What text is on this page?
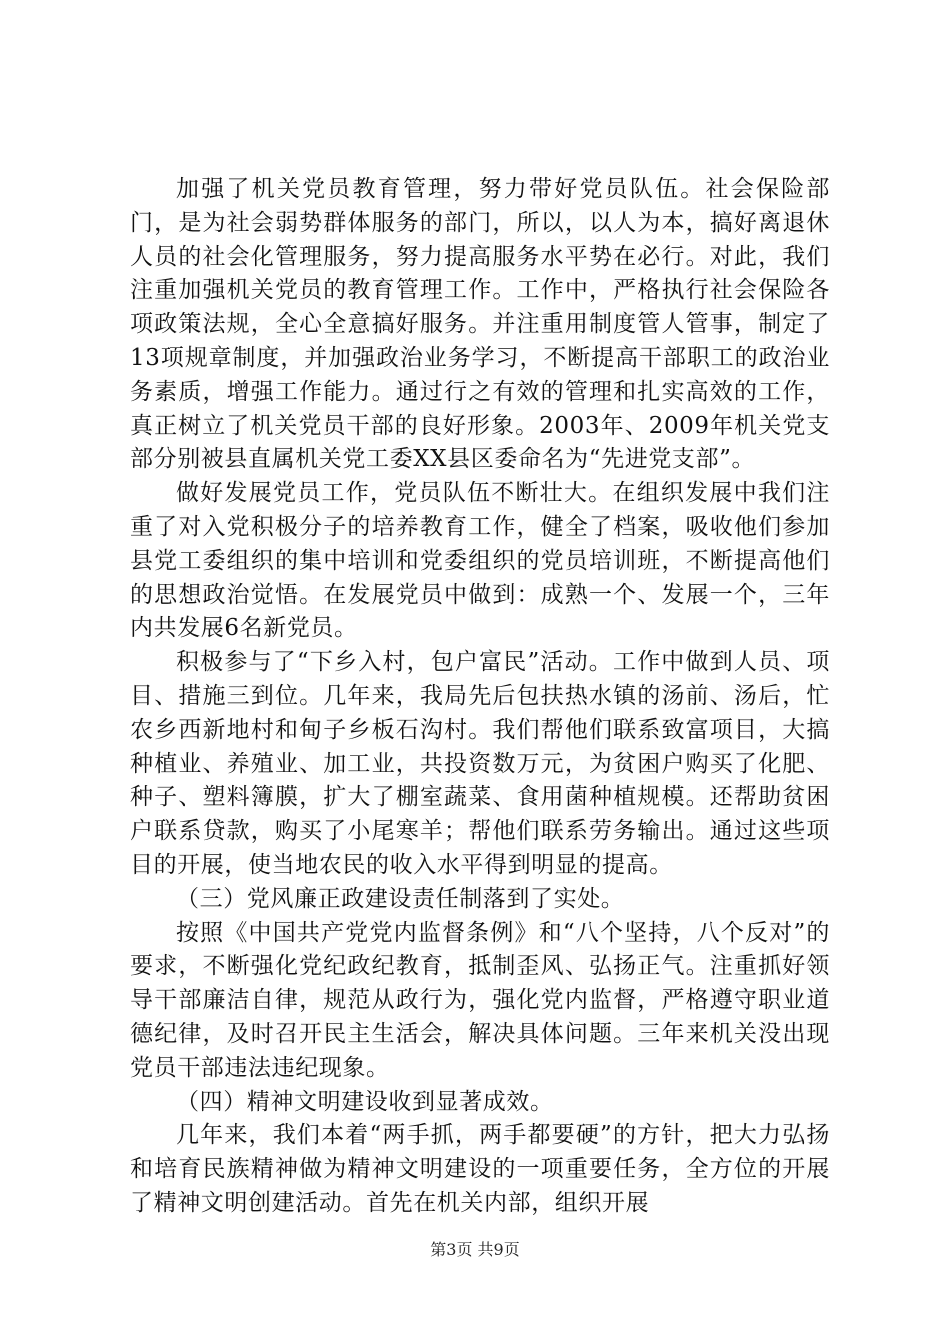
加强了机关党员教育管理，努力带好党员队伍。社会保险部门，是为社会弱势群体服务的部门，所以，以人为本，搞好离退休人员的社会化管理服务，努力提高服务水平势在必行。对此，我们注重加强机关党员的教育管理工作。工作中，严格执行社会保险各项政策法规，全心全意搞好服务。并注重用制度管人管事，制定了13项规章制度，并加强政治业务学习，不断提高干部职工的政治业务素质，增强工作能力。通过行之有效的管理和扎实高效的工作，真正树立了机关党员干部的良好形象。2003年、2009年机关党支部分别被县直属机关党工委XX县区委命名为“先进党支部”。

做好发展党员工作，党员队伍不断壮大。在组织发展中我们注重了对入党积极分子的培养教育工作，健全了档案，吸收他们参加县党工委组织的集中培训和党委组织的党员培训班，不断提高他们的思想政治觉悟。在发展党员中做到：成熟一个、发展一个，三年内共发展6名新党员。

积极参与了“下乡入村，包户富民”活动。工作中做到人员、项目、措施三到位。几年来，我局先后包扶热水镇的汤前、汤后，忙农乡西新地村和甸子乡板石沟村。我们帮他们联系致富项目，大搞种植业、养殖业、加工业，共投资数万元，为贫困户购买了化肥、种子、塑料簿膜，扩大了棚室蔬菜、食用菌种植规模。还帮助贫困户联系贷款，购买了小尾寒羊；帮他们联系劳务输出。通过这些项目的开展，使当地农民的收入水平得到明显的提高。

（三）党风廉正政建设责任制落到了实处。

按照《中国共产党党内监督条例》和“八个坚持，八个反对”的要求，不断强化党纪政纪教育，抵制歪风、弘扬正气。注重抓好领导干部廉洁自律，规范从政行为，强化党内监督，严格遵守职业道德纪律，及时召开民主生活会，解决具体问题。三年来机关没出现党员干部违法违纪现象。

（四）精神文明建设收到显著成效。

几年来，我们本着“两手抓，两手都要硬”的方针，把大力弘扬和培育民族精神做为精神文明建设的一项重要任务，全方位的开展了精神文明创建活动。首先在机关内部，组织开展

第3页 共9页
